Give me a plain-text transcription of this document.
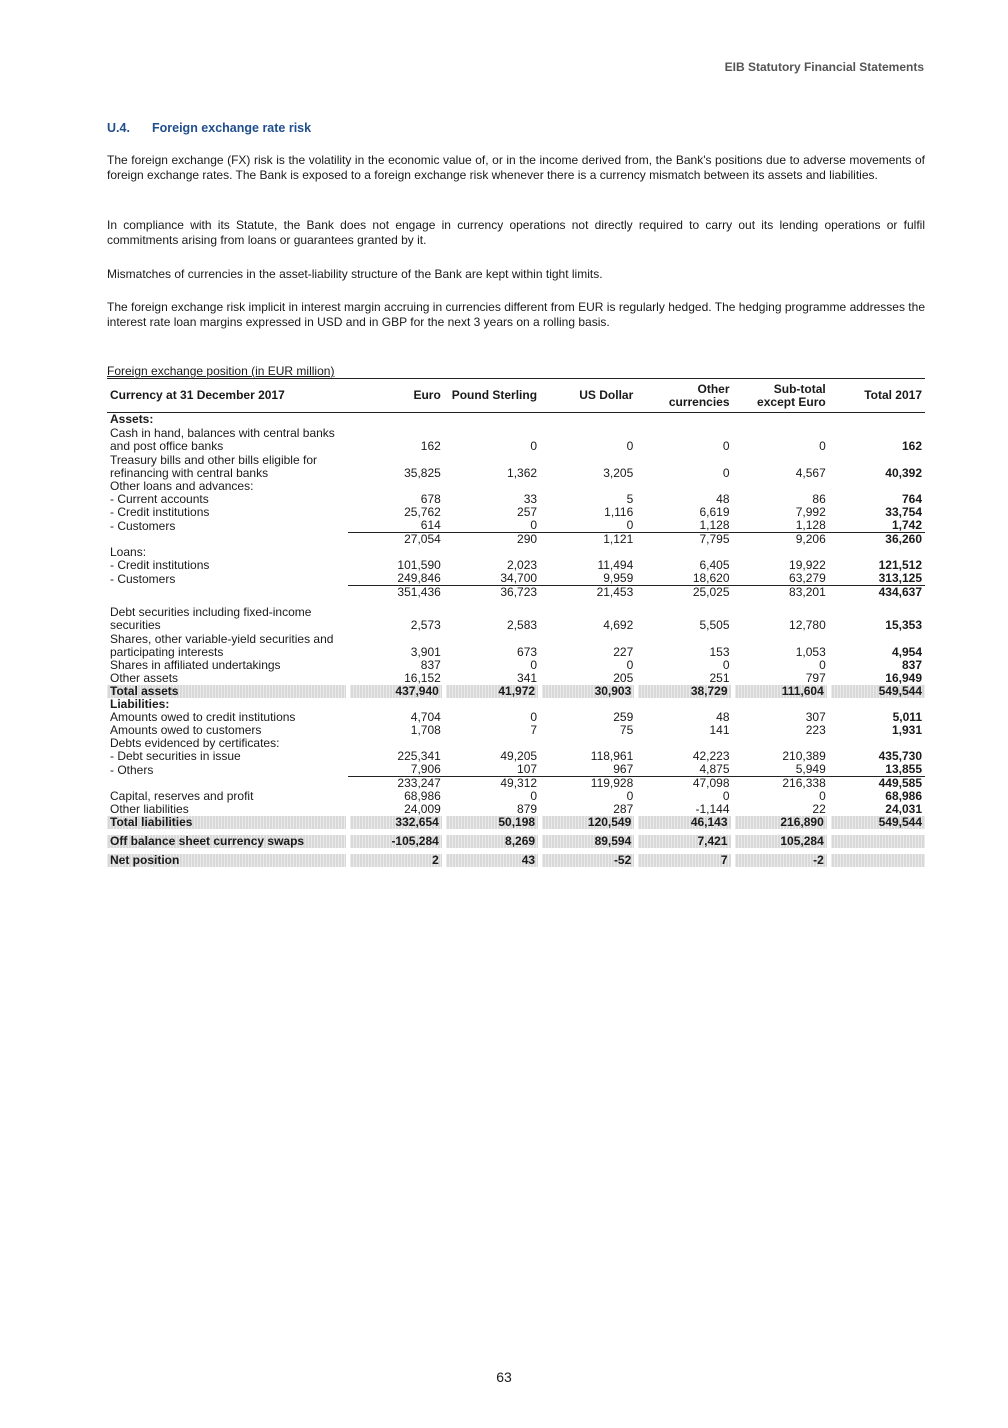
EIB Statutory Financial Statements
U.4. Foreign exchange rate risk

The foreign exchange (FX) risk is the volatility in the economic value of, or in the income derived from, the Bank's positions due to adverse movements of foreign exchange rates. The Bank is exposed to a foreign exchange risk whenever there is a currency mismatch between its assets and liabilities.

In compliance with its Statute, the Bank does not engage in currency operations not directly required to carry out its lending operations or fulfil commitments arising from loans or guarantees granted by it.

Mismatches of currencies in the asset-liability structure of the Bank are kept within tight limits.

The foreign exchange risk implicit in interest margin accruing in currencies different from EUR is regularly hedged. The hedging programme addresses the interest rate loan margins expressed in USD and in GBP for the next 3 years on a rolling basis.

Foreign exchange position (in EUR million)
Currency at 31 December 2017	Euro	Pound Sterling	US Dollar	Other currencies	Sub-total except Euro	Total 2017
Assets:						
Cash in hand, balances with central banks and post office banks	162	0	0	0	0	162
Treasury bills and other bills eligible for refinancing with central banks	35,825	1,362	3,205	0	4,567	40,392
Other loans and advances:						
- Current accounts	678	33	5	48	86	764
- Credit institutions	25,762	257	1,116	6,619	7,992	33,754
- Customers	614	0	0	1,128	1,128	1,742
	27,054	290	1,121	7,795	9,206	36,260
Loans:						
- Credit institutions	101,590	2,023	11,494	6,405	19,922	121,512
- Customers	249,846	34,700	9,959	18,620	63,279	313,125
	351,436	36,723	21,453	25,025	83,201	434,637

Debt securities including fixed-income securities	2,573	2,583	4,692	5,505	12,780	15,353
Shares, other variable-yield securities and participating interests	3,901	673	227	153	1,053	4,954
Shares in affiliated undertakings	837	0	0	0	0	837
Other assets	16,152	341	205	251	797	16,949
Total assets	437,940	41,972	30,903	38,729	111,604	549,544
Liabilities:						
Amounts owed to credit institutions	4,704	0	259	48	307	5,011
Amounts owed to customers	1,708	7	75	141	223	1,931
Debts evidenced by certificates:						
- Debt securities in issue	225,341	49,205	118,961	42,223	210,389	435,730
- Others	7,906	107	967	4,875	5,949	13,855
	233,247	49,312	119,928	47,098	216,338	449,585
Capital, reserves and profit	68,986	0	0	0	0	68,986
Other liabilities	24,009	879	287	-1,144	22	24,031
Total liabilities	332,654	50,198	120,549	46,143	216,890	549,544

Off balance sheet currency swaps	-105,284	8,269	89,594	7,421	105,284	

Net position	2	43	-52	7	-2	
63
